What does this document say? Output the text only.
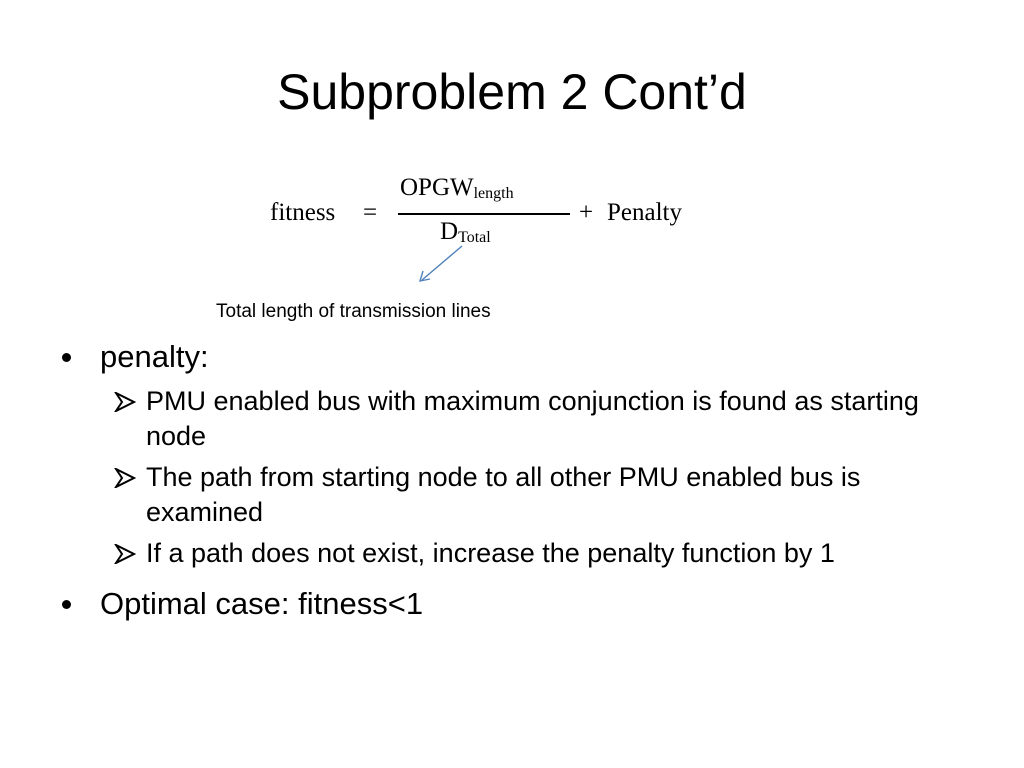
Subproblem 2 Cont’d
fitness =
$OPGW_{length}$
$D_{Total}$
+ Penalty
Total length of transmission lines
penalty:
PMU enabled bus with maximum conjunction is found as starting node
The path from starting node to all other PMU enabled bus is examined
If a path does not exist, increase the penalty function by 1
Optimal case: fitness<1
